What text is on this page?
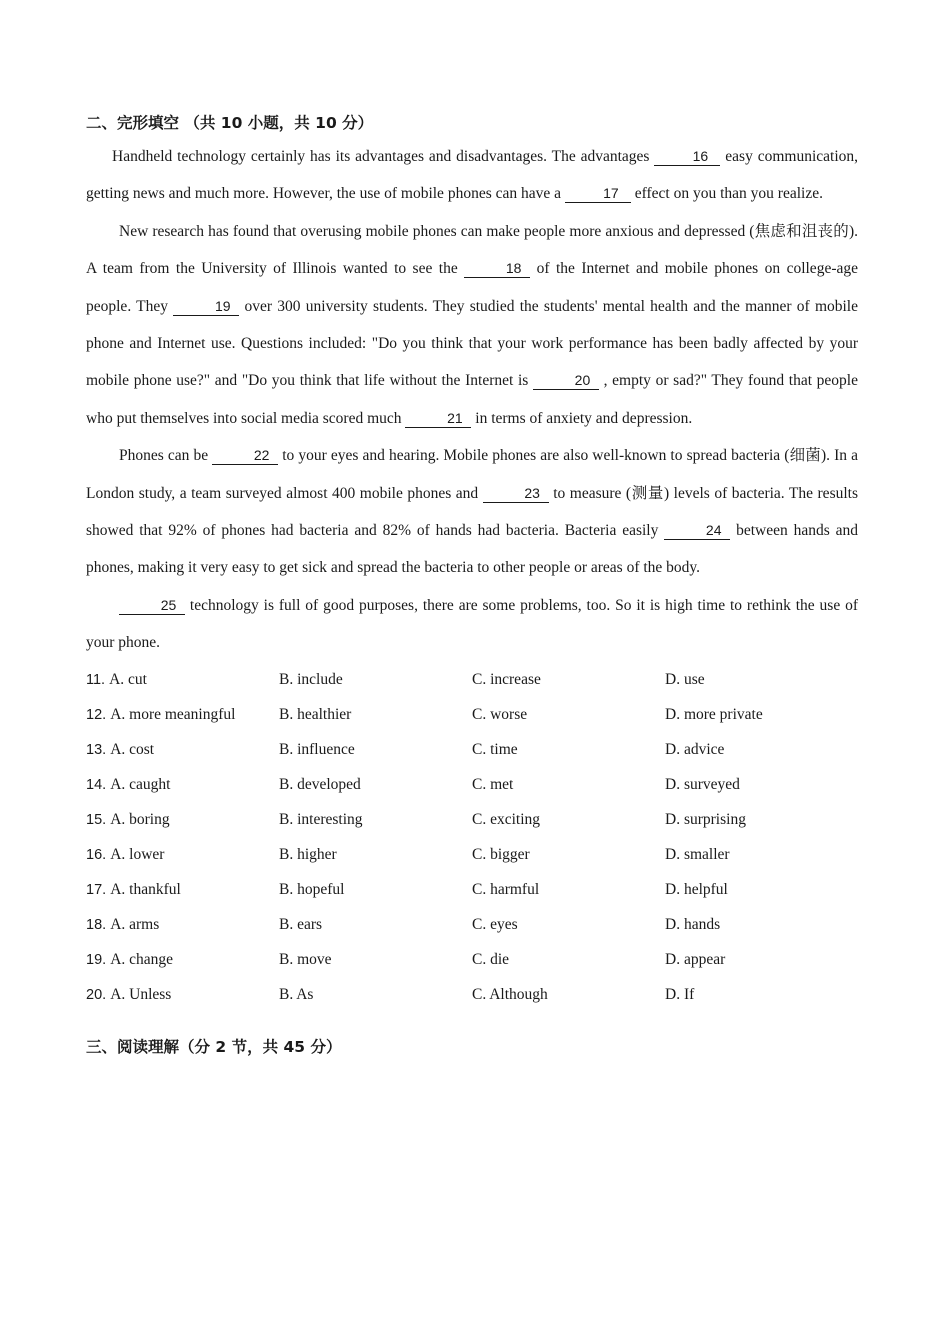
二、完形填空 （共 10 小题，共 10 分）

Handheld technology certainly has its advantages and disadvantages. The advantages	16 easy communication, getting news and much more. However, the use of mobile phones can have a	17 effect on you than you realize.

New research has found that overusing mobile phones can make people more anxious and depressed (焦虑和沮丧的). A team from the University of Illinois wanted to see the	18 of the Internet and mobile phones on college-age people. They	19 over 300 university students. They studied the students' mental health and the manner of mobile phone and Internet use. Questions included: "Do you think that your work performance has been badly affected by your mobile phone use?" and "Do you think that life without the Internet is	20 , empty or sad?" They found that people who put themselves into social media scored much	21 in terms of anxiety and depression.

Phones can be	22 to your eyes and hearing. Mobile phones are also well-known to spread bacteria (细菌). In a London study, a team surveyed almost 400 mobile phones and	23 to measure (测量) levels of bacteria. The results showed that 92% of phones had bacteria and 82% of hands had bacteria. Bacteria easily	24 between hands and phones, making it very easy to get sick and spread the bacteria to other people or areas of the body.

25 technology is full of good purposes, there are some problems, too. So it is high time to rethink the use of your phone.

11. A. cut	B. include	C. increase	D. use
12. A. more meaningful	B. healthier	C. worse	D. more private
13. A. cost	B. influence	C. time	D. advice
14. A. caught	B. developed	C. met	D. surveyed
15. A. boring	B. interesting	C. exciting	D. surprising
16. A. lower	B. higher	C. bigger	D. smaller
17. A. thankful	B. hopeful	C. harmful	D. helpful
18. A. arms	B. ears	C. eyes	D. hands
19. A. change	B. move	C. die	D. appear
20. A. Unless	B. As	C. Although	D. If
三、阅读理解（分 2 节，共 45 分）
